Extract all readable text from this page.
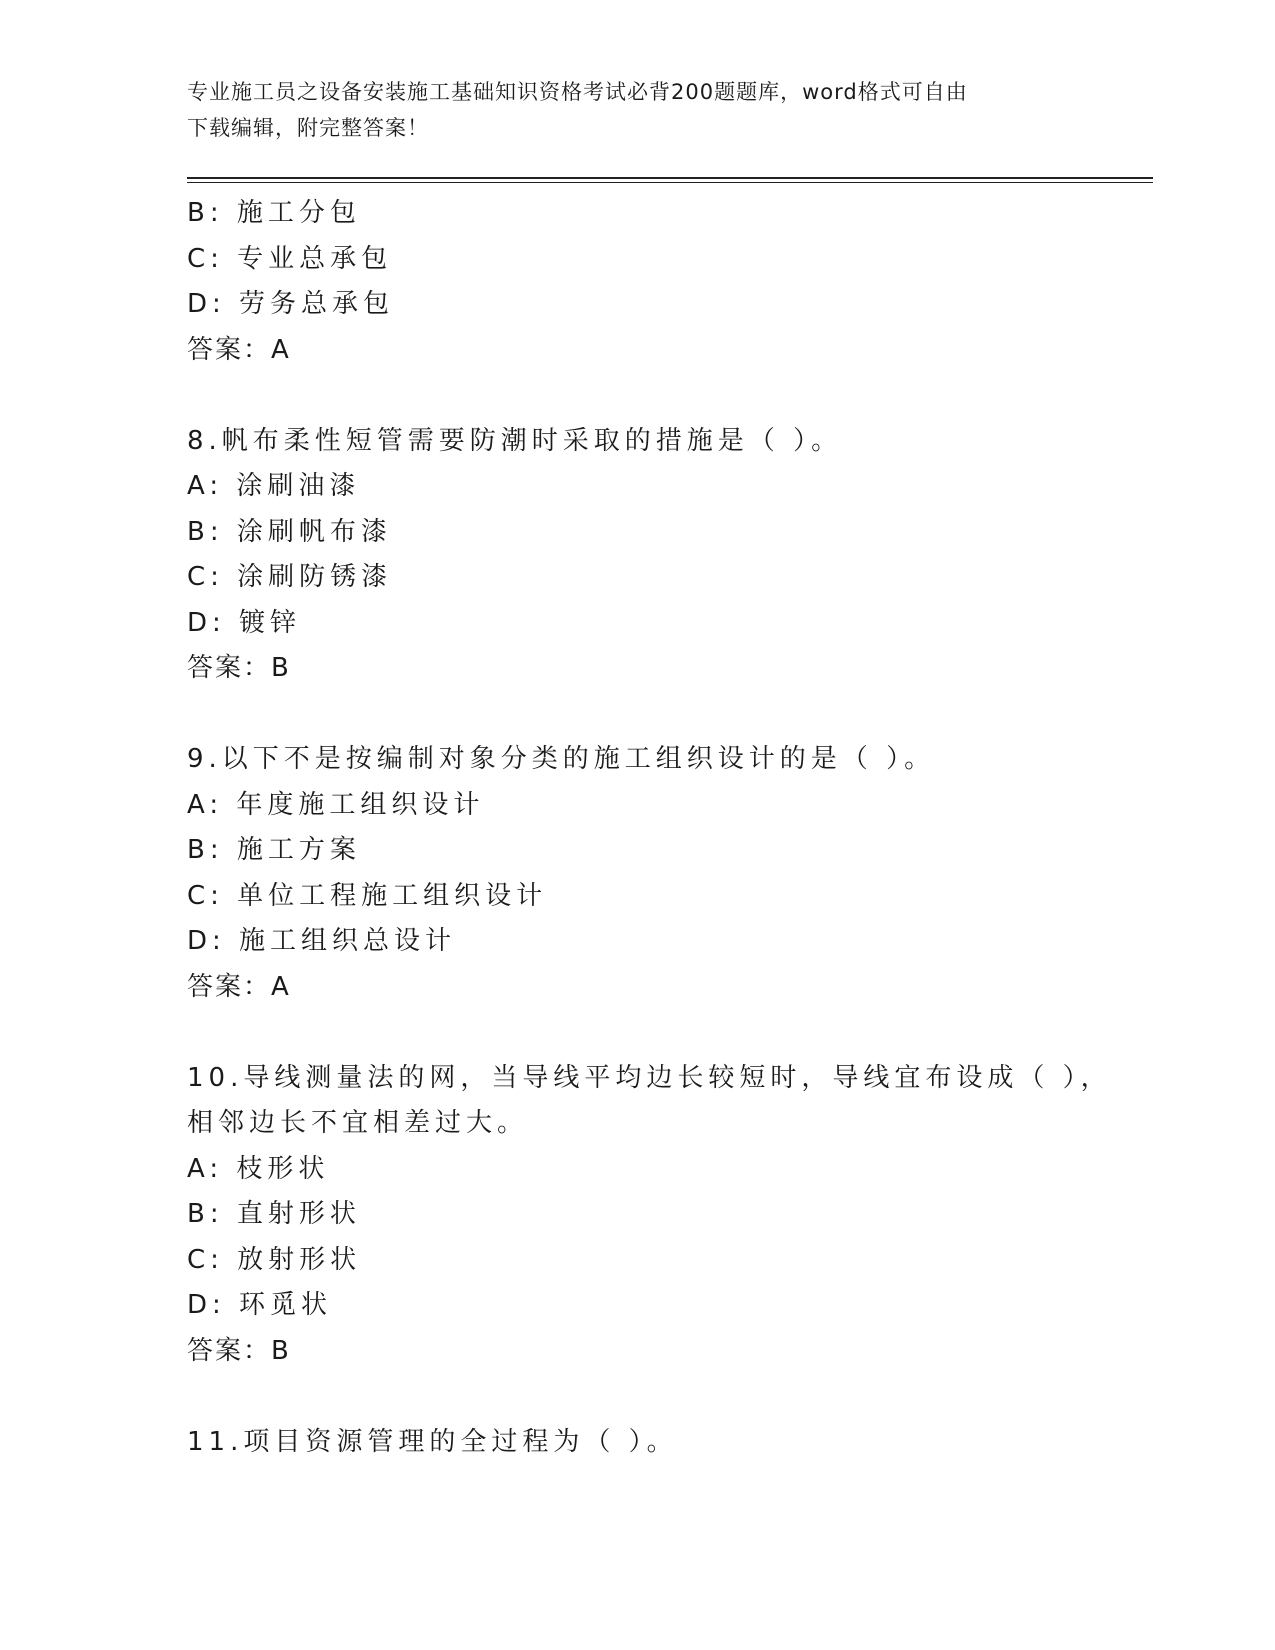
专业施工员之设备安装施工基础知识资格考试必背200题题库，word格式可自由
下载编辑，附完整答案！
B: 施工分包
C: 专业总承包
D: 劳务总承包
答案：A
8.帆布柔性短管需要防潮时采取的措施是（ ）。
A: 涂刷油漆
B: 涂刷帆布漆
C: 涂刷防锈漆
D: 镀锌
答案：B
9.以下不是按编制对象分类的施工组织设计的是（ ）。
A: 年度施工组织设计
B: 施工方案
C: 单位工程施工组织设计
D: 施工组织总设计
答案：A
10.导线测量法的网，当导线平均边长较短时，导线宜布设成（ ），
相邻边长不宜相差过大。
A: 枝形状
B: 直射形状
C: 放射形状
D: 环觅状
答案：B
11.项目资源管理的全过程为（ ）。
